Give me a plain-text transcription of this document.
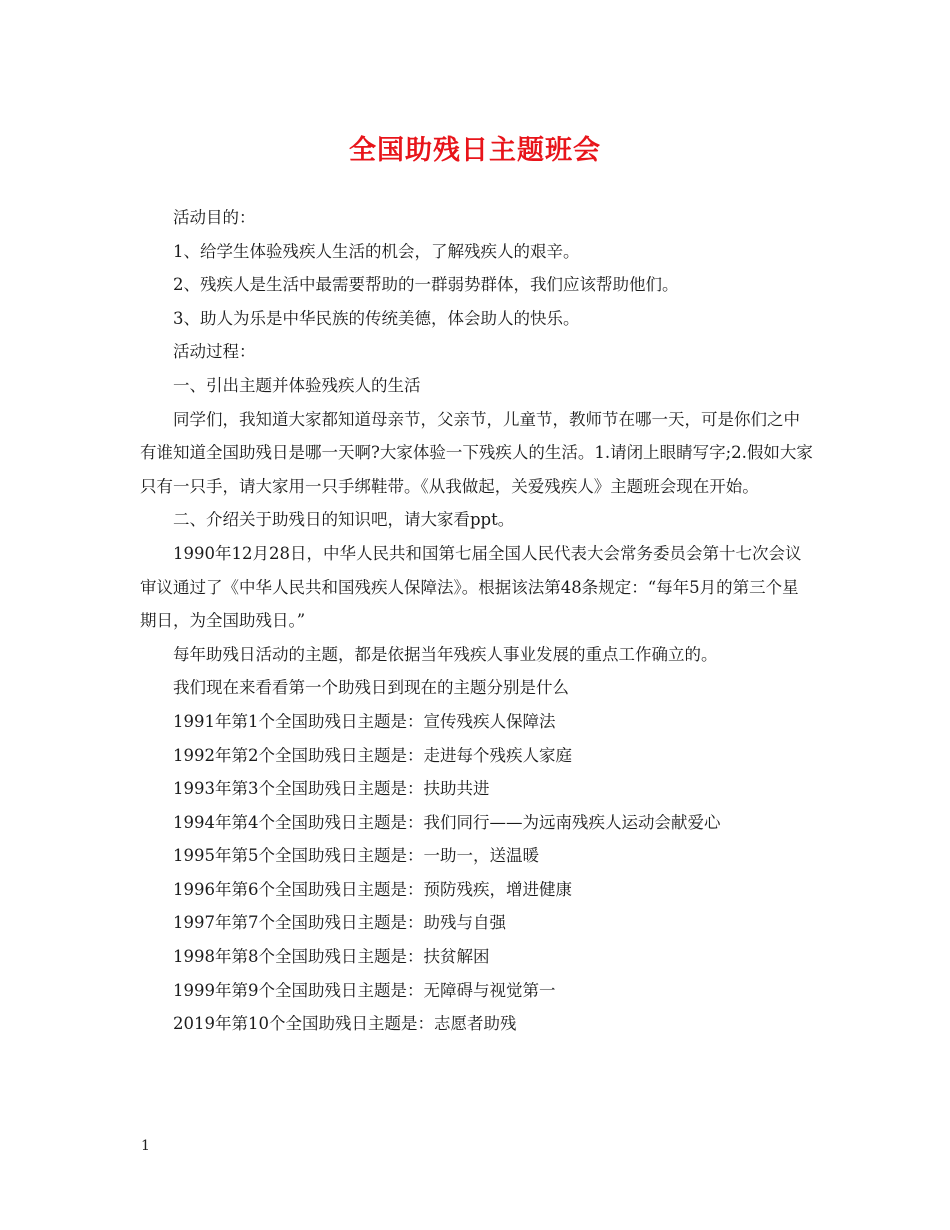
全国助残日主题班会

活动目的：

1、给学生体验残疾人生活的机会，了解残疾人的艰辛。

2、残疾人是生活中最需要帮助的一群弱势群体，我们应该帮助他们。

3、助人为乐是中华民族的传统美德，体会助人的快乐。

活动过程：

一、引出主题并体验残疾人的生活

同学们，我知道大家都知道母亲节，父亲节，儿童节，教师节在哪一天，可是你们之中有谁知道全国助残日是哪一天啊?大家体验一下残疾人的生活。1.请闭上眼睛写字;2.假如大家只有一只手，请大家用一只手绑鞋带。《从我做起，关爱残疾人》主题班会现在开始。

二、介绍关于助残日的知识吧，请大家看ppt。

1990年12月28日，中华人民共和国第七届全国人民代表大会常务委员会第十七次会议审议通过了《中华人民共和国残疾人保障法》。根据该法第48条规定：“每年5月的第三个星期日，为全国助残日。”

每年助残日活动的主题，都是依据当年残疾人事业发展的重点工作确立的。

我们现在来看看第一个助残日到现在的主题分别是什么

1991年第1个全国助残日主题是：宣传残疾人保障法

1992年第2个全国助残日主题是：走进每个残疾人家庭

1993年第3个全国助残日主题是：扶助共进

1994年第4个全国助残日主题是：我们同行——为远南残疾人运动会献爱心

1995年第5个全国助残日主题是：一助一，送温暖

1996年第6个全国助残日主题是：预防残疾，增进健康

1997年第7个全国助残日主题是：助残与自强

1998年第8个全国助残日主题是：扶贫解困

1999年第9个全国助残日主题是：无障碍与视觉第一

2019年第10个全国助残日主题是：志愿者助残

1
